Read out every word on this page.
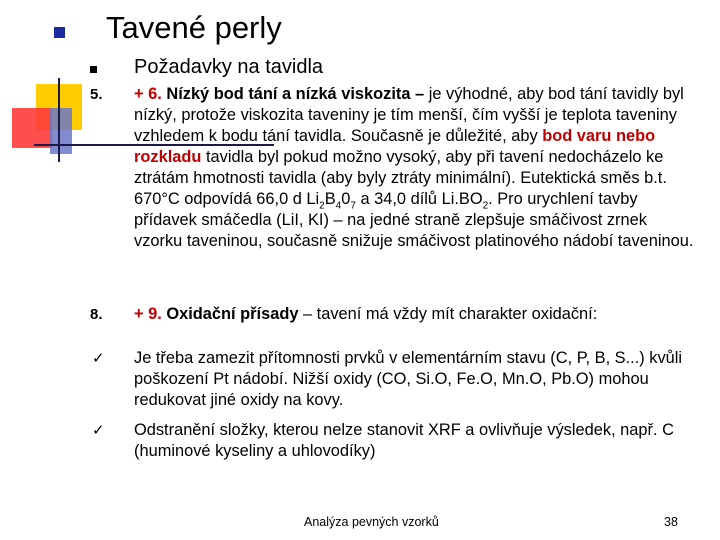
Tavené perly
Požadavky na tavidla
5. + 6. Nízký bod tání a nízká viskozita – je výhodné, aby bod tání tavidly byl nízký, protože viskozita taveniny je tím menší, čím vyšší je teplota taveniny vzhledem k bodu tání tavidla. Současně je důležité, aby bod varu nebo rozkladu tavidla byl pokud možno vysoký, aby při tavení nedocházelo ke ztrátám hmotnosti tavidla (aby byly ztráty minimální). Eutektická směs b.t. 670°C odpovídá 66,0 d $Li_2B_40_7$ a 34,0 dílů $Li.BO_2$. Pro urychlení tavby přídavek smáčedla (LiI, KI) – na jedné straně zlepšuje smáčivost zrnek vzorku taveninou, současně snižuje smáčivost platinového nádobí taveninou.
8. + 9. Oxidační přísady – tavení má vždy mít charakter oxidační:
✓ Je třeba zamezit přítomnosti prvků v elementárním stavu (C, P, B, S...) kvůli poškození Pt nádobí. Nižší oxidy (CO, Si.O, Fe.O, Mn.O, Pb.O) mohou redukovat jiné oxidy na kovy.
✓ Odstranění složky, kterou nelze stanovit XRF a ovlivňuje výsledek, např. C (huminové kyseliny a uhlovodíky)
Analýza pevných vzorků	38
